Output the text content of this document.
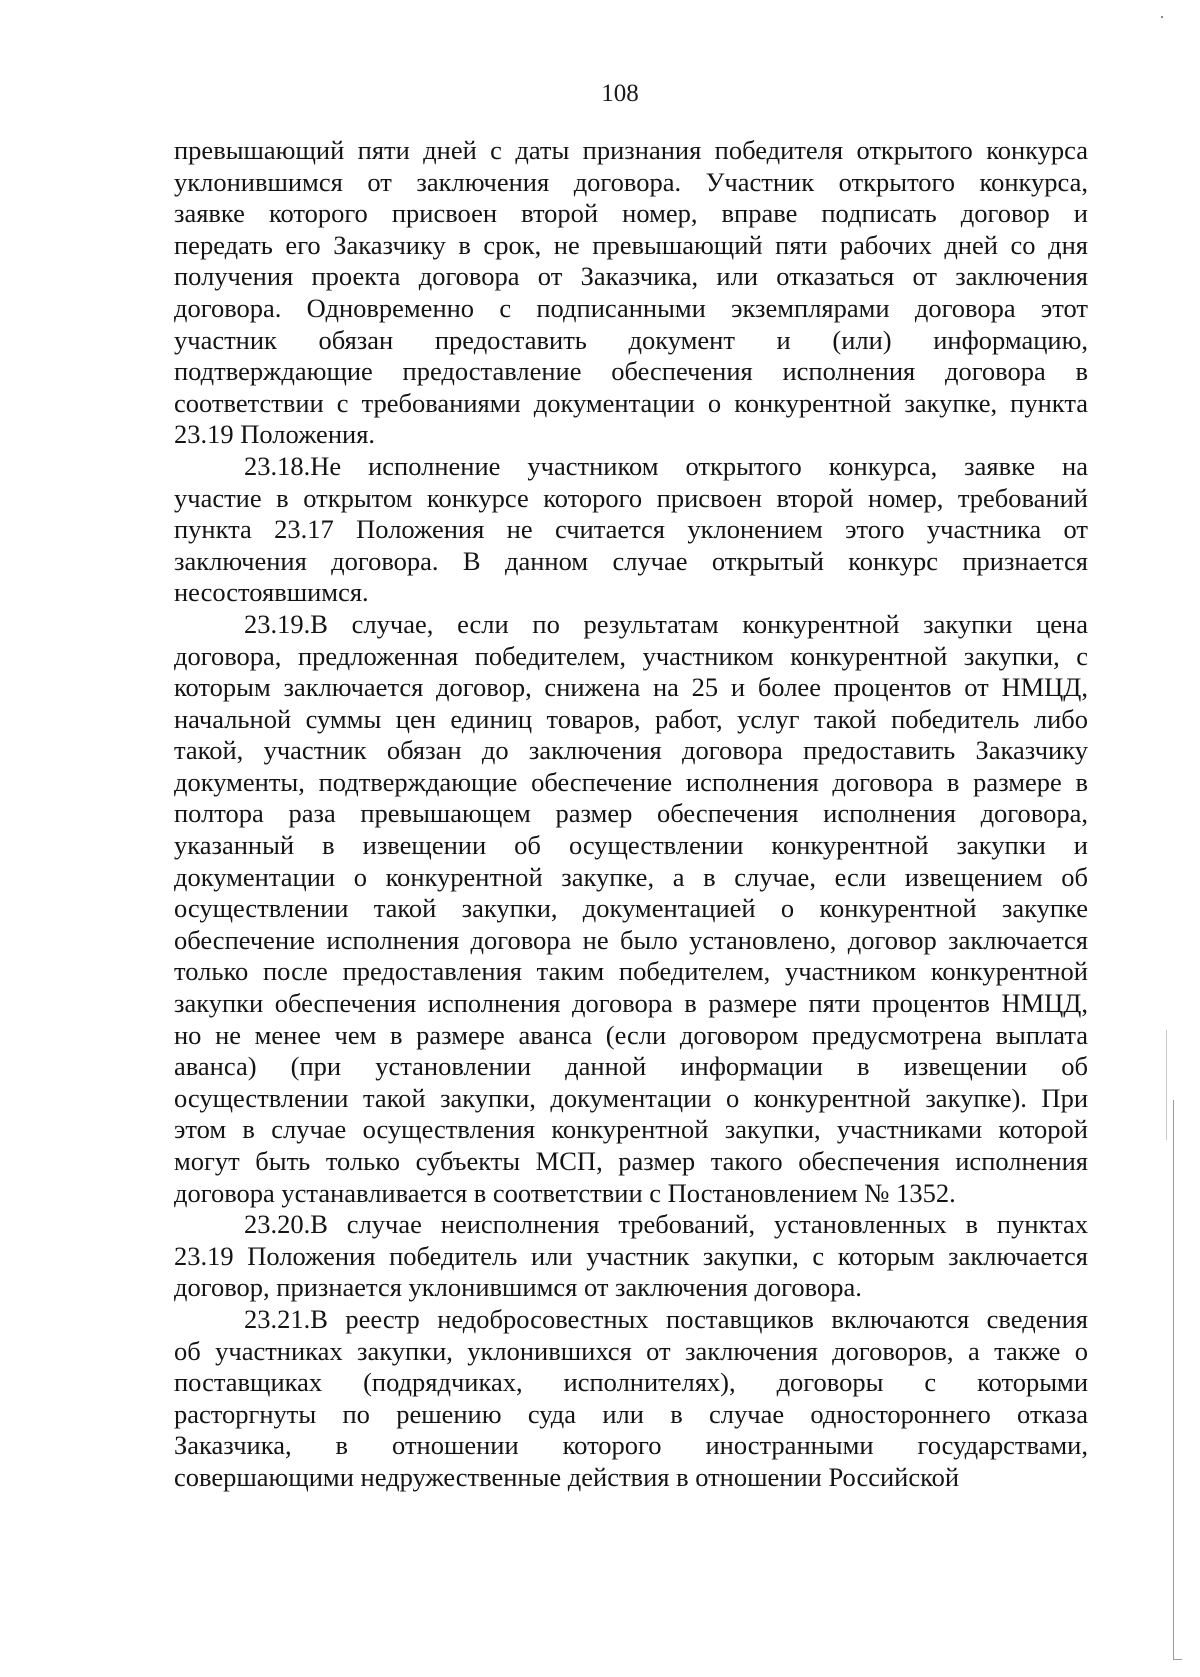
108

превышающий пяти дней с даты признания победителя открытого конкурса
уклонившимся от заключения договора. Участник открытого конкурса,
заявке которого присвоен второй номер, вправе подписать договор и
передать его Заказчику в срок, не превышающий пяти рабочих дней со дня
получения проекта договора от Заказчика, или отказаться от заключения
договора. Одновременно с подписанными экземплярами договора этот
участник обязан предоставить документ и (или) информацию,
подтверждающие предоставление обеспечения исполнения договора в
соответствии с требованиями документации о конкурентной закупке, пункта
23.19 Положения.

23.18.Не исполнение участником открытого конкурса, заявке на
участие в открытом конкурсе которого присвоен второй номер, требований
пункта 23.17 Положения не считается уклонением этого участника от
заключения договора. В данном случае открытый конкурс признается
несостоявшимся.

23.19.В случае, если по результатам конкурентной закупки цена
договора, предложенная победителем, участником конкурентной закупки, с
которым заключается договор, снижена на 25 и более процентов от НМЦД,
начальной суммы цен единиц товаров, работ, услуг такой победитель либо
такой, участник обязан до заключения договора предоставить Заказчику
документы, подтверждающие обеспечение исполнения договора в размере в
полтора раза превышающем размер обеспечения исполнения договора,
указанный в извещении об осуществлении конкурентной закупки и
документации о конкурентной закупке, а в случае, если извещением об
осуществлении такой закупки, документацией о конкурентной закупке
обеспечение исполнения договора не было установлено, договор заключается
только после предоставления таким победителем, участником конкурентной
закупки обеспечения исполнения договора в размере пяти процентов НМЦД,
но не менее чем в размере аванса (если договором предусмотрена выплата
аванса) (при установлении данной информации в извещении об
осуществлении такой закупки, документации о конкурентной закупке). При
этом в случае осуществления конкурентной закупки, участниками которой
могут быть только субъекты МСП, размер такого обеспечения исполнения
договора устанавливается в соответствии с Постановлением № 1352.

23.20.В случае неисполнения требований, установленных в пунктах
23.19 Положения победитель или участник закупки, с которым заключается
договор, признается уклонившимся от заключения договора.

23.21.В реестр недобросовестных поставщиков включаются сведения
об участниках закупки, уклонившихся от заключения договоров, а также о
поставщиках (подрядчиках, исполнителях), договоры с которыми
расторгнуты по решению суда или в случае одностороннего отказа
Заказчика, в отношении которого иностранными государствами,
совершающими недружественные действия в отношении Российской
